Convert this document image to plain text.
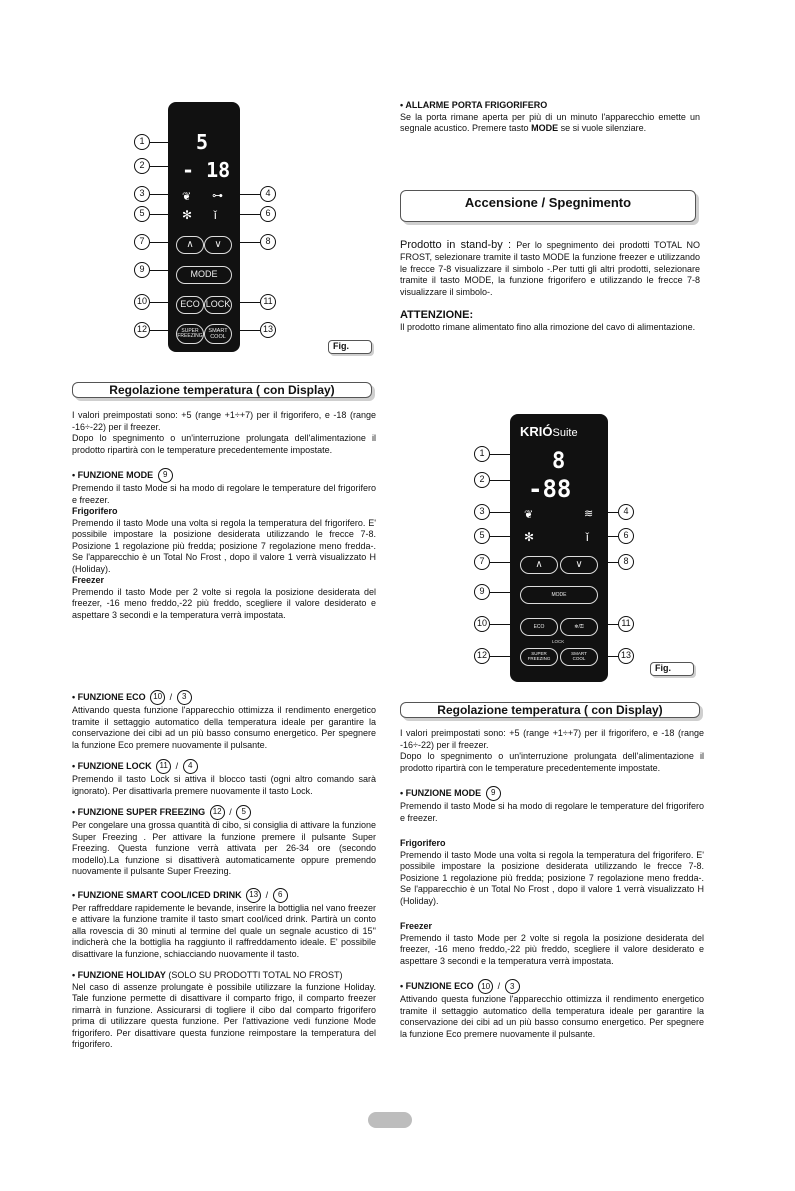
5
- 18
❦ ⊶
✻ ǐ
∧	∨
MODE
ECO LOCK
SUPER
FREEZING
SMART
COOL
1
2
3
5
7
9
10
12
4
6
8
11
13
Fig.
• ALLARME PORTA FRIGORIFERO
Se la porta rimane aperta per più di un minuto l'apparecchio emette un segnale acustico. Premere tasto MODE se si vuole silenziare.
Accensione / Spegnimento
Prodotto in stand-by : Per lo spegnimento dei prodotti TOTAL NO FROST, selezionare tramite il tasto MODE la funzione freezer e utilizzando le frecce 7-8 visualizzare il simbolo -.Per tutti gli altri prodotti, selezionare tramite il tasto MODE, la funzione frigorifero e utilizzando le frecce 7-8 visualizzare il simbolo-.
ATTENZIONE:
Il prodotto rimane alimentato fino alla rimozione del cavo di alimentazione.
Regolazione temperatura ( con Display)
I valori preimpostati sono: +5 (range +1÷+7) per il frigorifero, e -18 (range -16÷-22) per il freezer.
Dopo lo spegnimento o un'interruzione prolungata dell'alimentazione il prodotto ripartirà con le temperature precedentemente impostate.
• FUNZIONE MODE 9
Premendo il tasto Mode si ha modo di regolare le temperature del frigorifero e freezer.
Frigorifero
Premendo il tasto Mode una volta si regola la temperatura del frigorifero. E' possibile impostare la posizione desiderata utilizzando le frecce 7-8. Posizione 1 regolazione più fredda; posizione 7 regolazione meno fredda-. Se l'apparecchio è un Total No Frost , dopo il valore 1 verrà visualizzato H (Holiday).
Freezer
Premendo il tasto Mode per 2 volte si regola la posizione desiderata del freezer, -16 meno freddo,-22 più freddo, scegliere il valore desiderato e aspettare 3 secondi e la temperatura verrà impostata.
• FUNZIONE ECO 10 / 3
Attivando questa funzione l'apparecchio ottimizza il rendimento energetico tramite il settaggio automatico della temperatura ideale per garantire la conservazione dei cibi ad un più basso consumo energetico. Per spegnere la funzione Eco premere nuovamente il pulsante.
• FUNZIONE LOCK 11 / 4
Premendo il tasto Lock si attiva il blocco tasti (ogni altro comando sarà ignorato). Per disattivarla premere nuovamente il tasto Lock.
• FUNZIONE SUPER FREEZING 12 / 5
Per congelare una grossa quantità di cibo, si consiglia di attivare la funzione Super Freezing . Per attivare la funzione premere il pulsante Super Freezing. Questa funzione verrà attivata per 26-34 ore (secondo modello).La funzione si disattiverà automaticamente oppure premendo nuovamente il pulsante Super Freezing.
• FUNZIONE SMART COOL/ICED DRINK 13 / 6
Per raffreddare rapidemente le bevande, inserire la bottiglia nel vano freezer e attivare la funzione tramite il tasto smart cool/iced drink. Partirà un conto alla rovescia di 30 minuti al termine del quale un segnale acustico di 15'' indicherà che la bottiglia ha raggiunto il raffreddamento ideale. E' possibile disattivare la funzione, schiacciando nuovamente il tasto.
• FUNZIONE HOLIDAY (SOLO SU PRODOTTI TOTAL NO FROST)
Nel caso di assenze prolungate è possibile utilizzare la funzione Holiday. Tale funzione permette di disattivare il comparto frigo, il comparto freezer rimarrà in funzione. Assicurarsi di togliere il cibo dal comparto frigorifero prima di utilizzare questa funzione. Per l'attivazione vedi funzione Mode frigorifero. Per disattivare questa funzione reimpostare la temperatura del frigorifero.
KRIÓSuite
8
-88
❦	≋
✻	ǐ
∧	∨
MODE
ECO	❄/⚿
LOCK
SUPER
FREEZING
SMART
COOL
1
2
3
5
7
9
10
12
4
6
8
11
13
Fig.
Regolazione temperatura ( con Display)
I valori preimpostati sono: +5 (range +1÷+7) per il frigorifero, e -18 (range -16÷-22) per il freezer.
Dopo lo spegnimento o un'interruzione prolungata dell'alimentazione il prodotto ripartirà con le temperature precedentemente impostate.
• FUNZIONE MODE 9
Premendo il tasto Mode si ha modo di regolare le temperature del frigorifero e freezer.
Frigorifero
Premendo il tasto Mode una volta si regola la temperatura del frigorifero. E' possibile impostare la posizione desiderata utilizzando le frecce 7-8. Posizione 1 regolazione più fredda; posizione 7 regolazione meno fredda-. Se l'apparecchio è un Total No Frost , dopo il valore 1 verrà visualizzato H (Holiday).
Freezer
Premendo il tasto Mode per 2 volte si regola la posizione desiderata del freezer, -16 meno freddo,-22 più freddo, scegliere il valore desiderato e aspettare 3 secondi e la temperatura verrà impostata.
• FUNZIONE ECO 10 / 3
Attivando questa funzione l'apparecchio ottimizza il rendimento energetico tramite il settaggio automatico della temperatura ideale per garantire la conservazione dei cibi ad un più basso consumo energetico. Per spegnere la funzione Eco premere nuovamente il pulsante.
